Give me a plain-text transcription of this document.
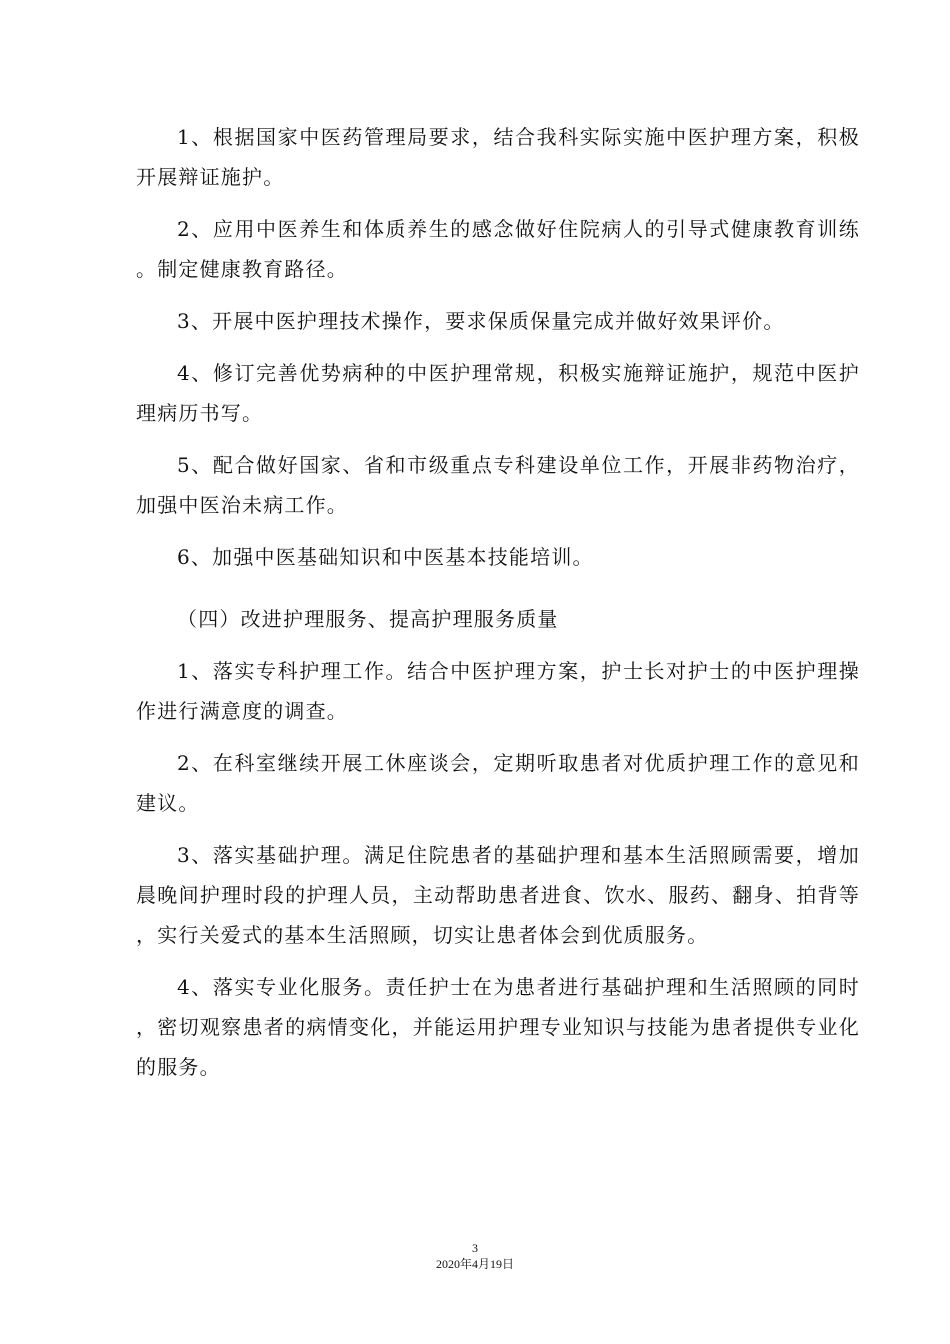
1、根据国家中医药管理局要求，结合我科实际实施中医护理方案，积极开展辩证施护。

2、应用中医养生和体质养生的感念做好住院病人的引导式健康教育训练。制定健康教育路径。

3、开展中医护理技术操作，要求保质保量完成并做好效果评价。

4、修订完善优势病种的中医护理常规，积极实施辩证施护，规范中医护理病历书写。

5、配合做好国家、省和市级重点专科建设单位工作，开展非药物治疗，加强中医治未病工作。

6、加强中医基础知识和中医基本技能培训。

（四）改进护理服务、提高护理服务质量

1、落实专科护理工作。结合中医护理方案，护士长对护士的中医护理操作进行满意度的调查。

2、在科室继续开展工休座谈会，定期听取患者对优质护理工作的意见和建议。

3、落实基础护理。满足住院患者的基础护理和基本生活照顾需要，增加晨晚间护理时段的护理人员，主动帮助患者进食、饮水、服药、翻身、拍背等，实行关爱式的基本生活照顾，切实让患者体会到优质服务。

4、落实专业化服务。责任护士在为患者进行基础护理和生活照顾的同时，密切观察患者的病情变化，并能运用护理专业知识与技能为患者提供专业化的服务。

3
2020年4月19日
